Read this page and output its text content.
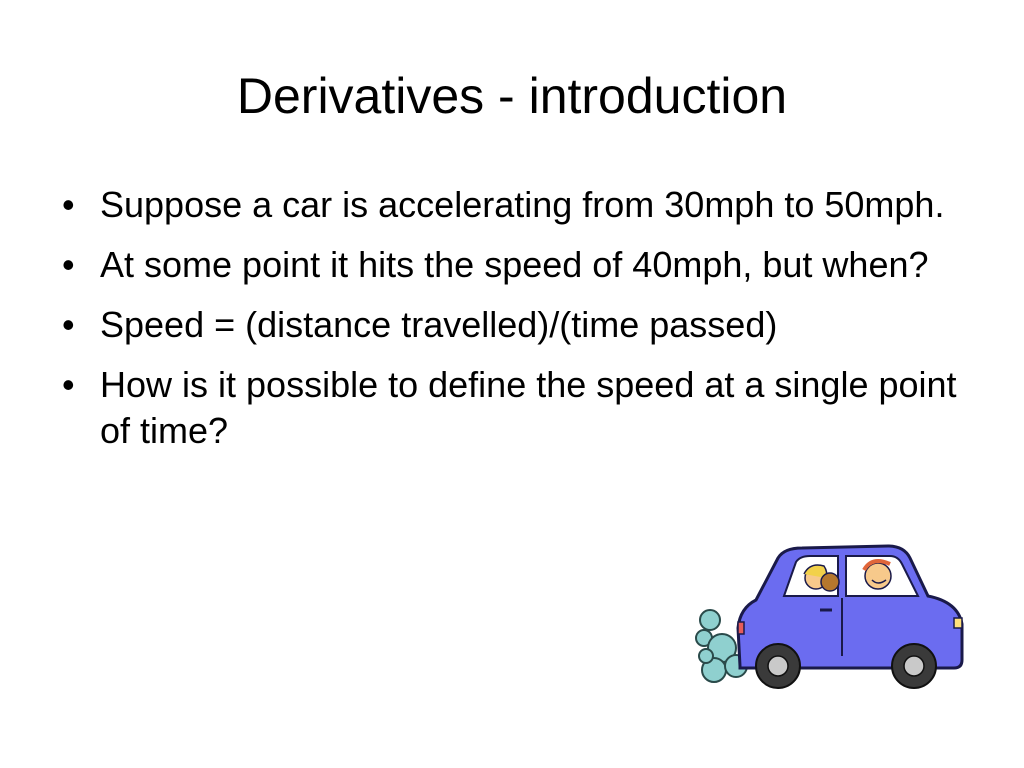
Derivatives - introduction
• Suppose a car is accelerating from 30mph to 50mph.
• At some point it hits the speed of 40mph, but when?
• Speed = (distance travelled)/(time passed)
• How is it possible to define the speed at a single point of time?
